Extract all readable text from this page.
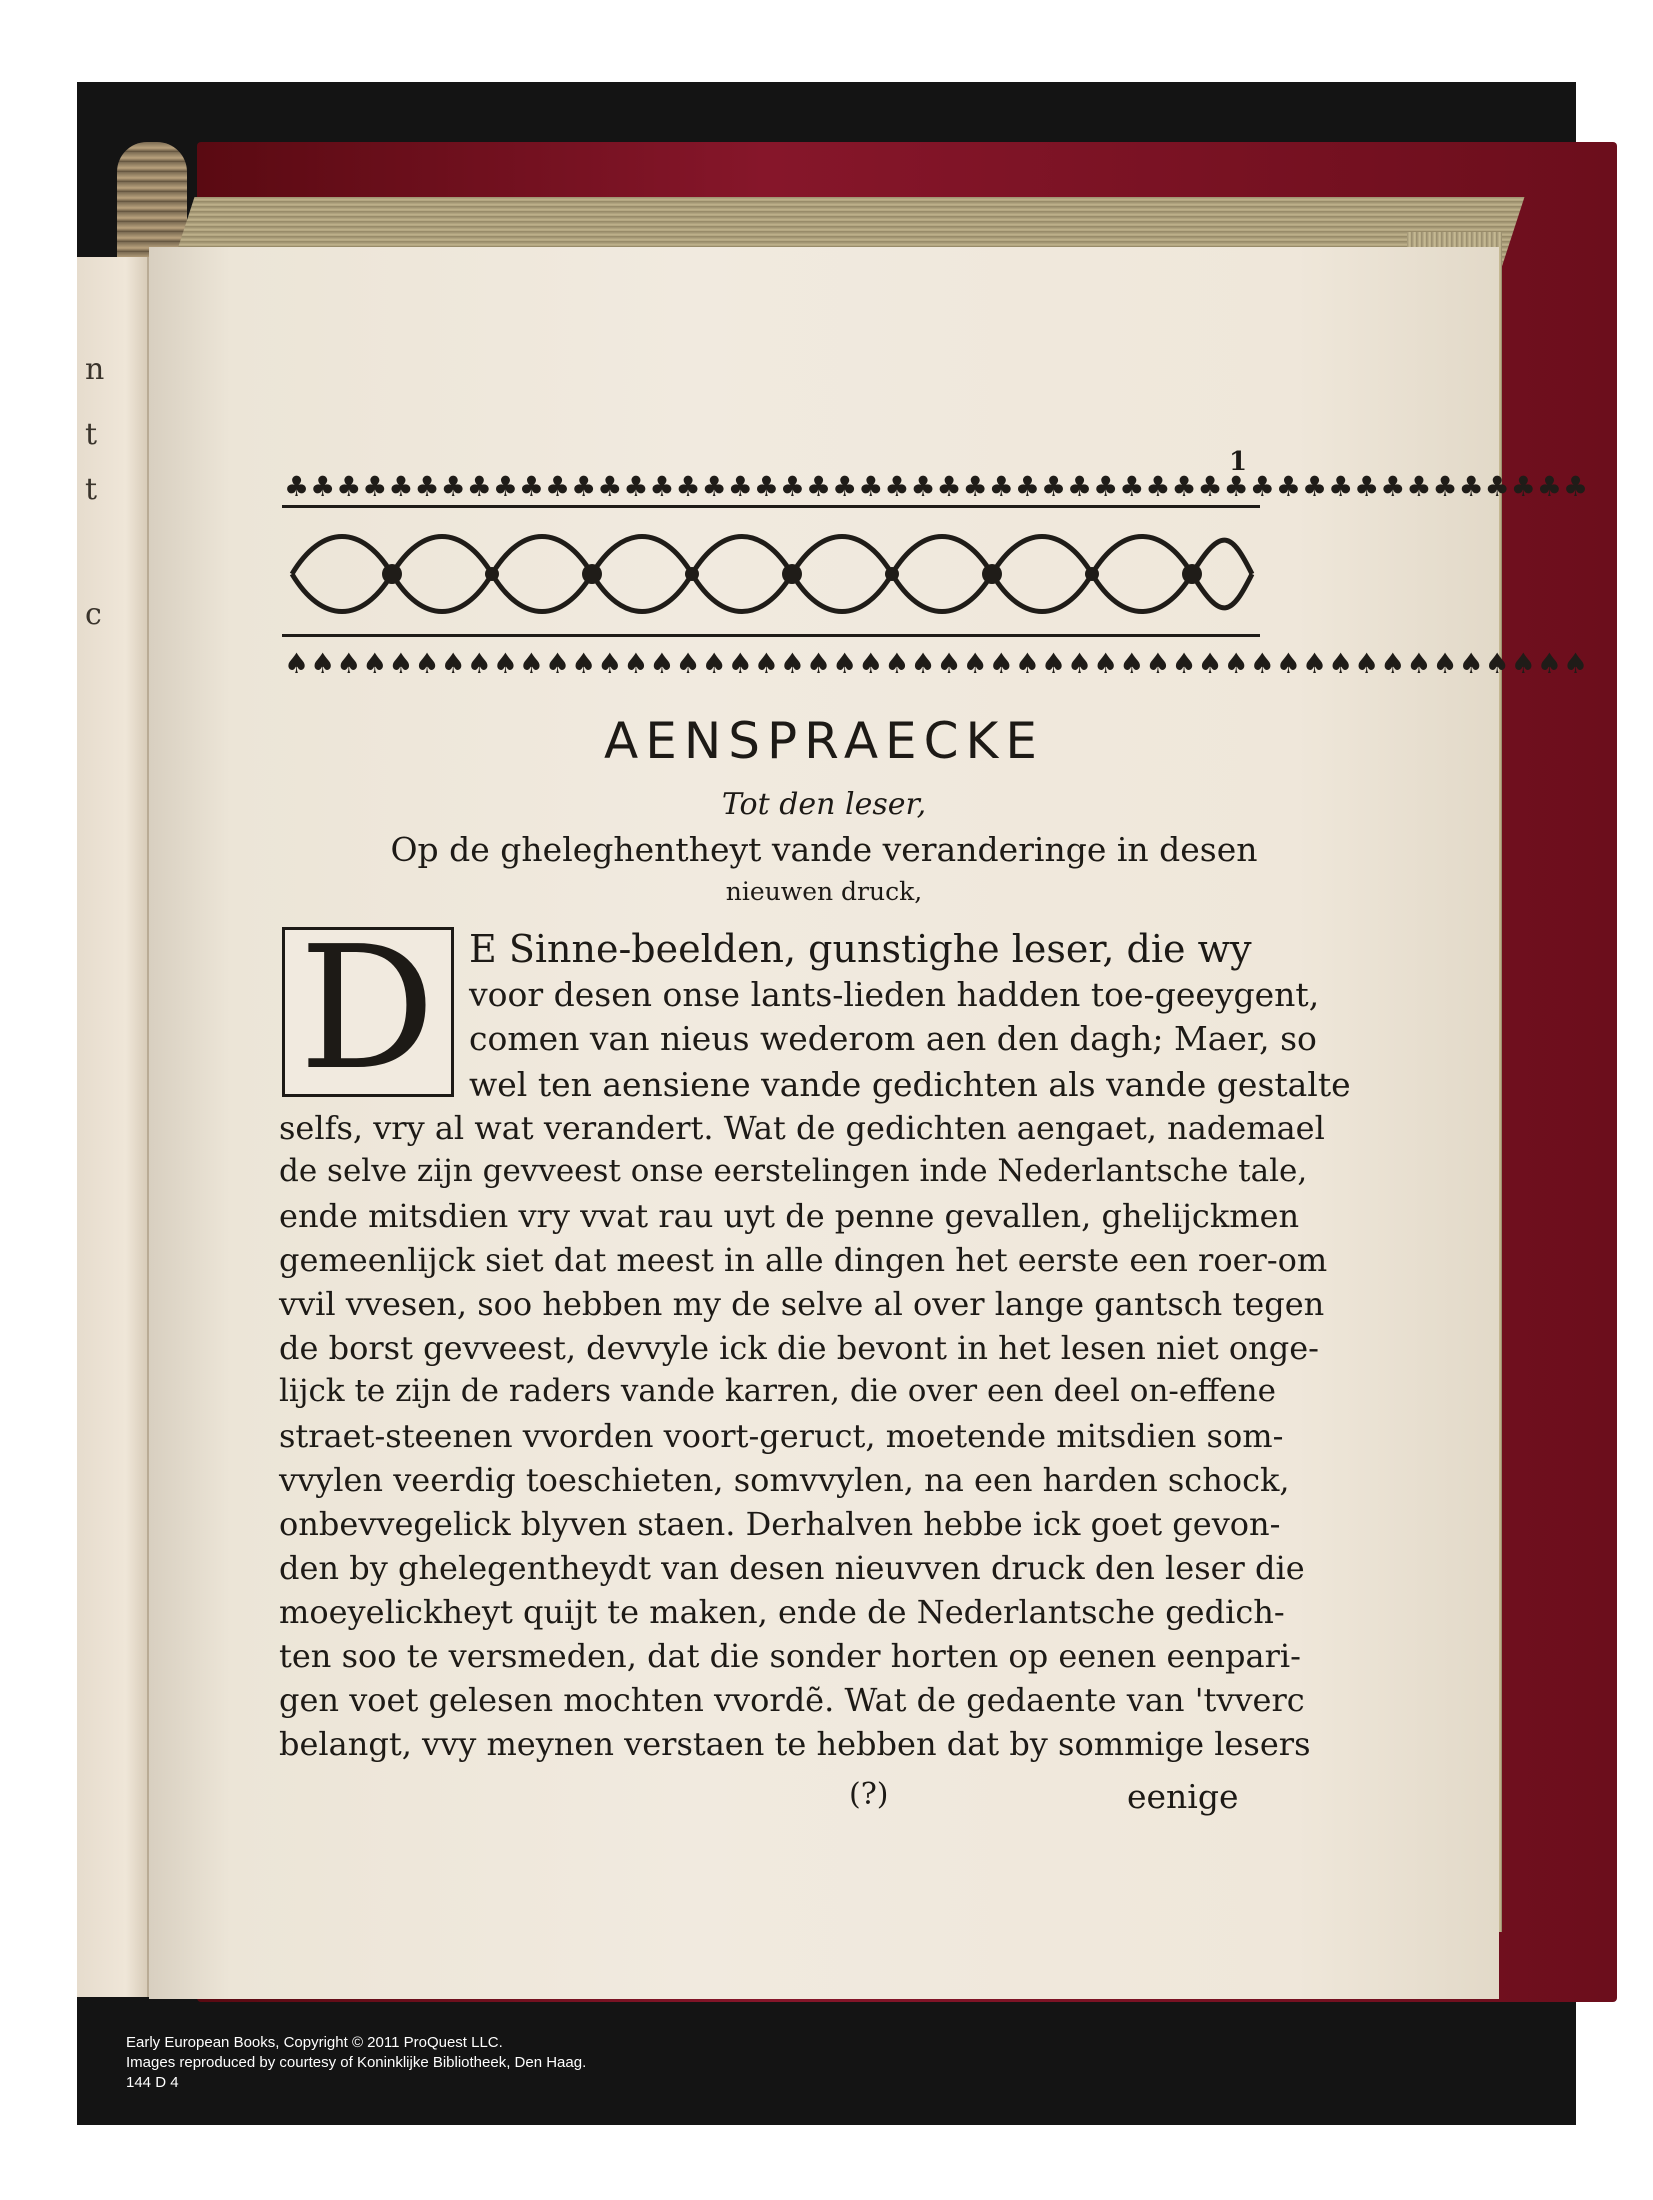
n
t
t
c
1
♣♣♣♣♣♣♣♣♣♣♣♣♣♣♣♣♣♣♣♣♣♣♣♣♣♣♣♣♣♣♣♣♣♣♣♣♣♣♣♣♣♣♣♣♣♣♣♣♣♣
♠♠♠♠♠♠♠♠♠♠♠♠♠♠♠♠♠♠♠♠♠♠♠♠♠♠♠♠♠♠♠♠♠♠♠♠♠♠♠♠♠♠♠♠♠♠♠♠♠♠
AENSPRAECKE
Tot den leser,
Op de gheleghentheyt vande veranderinge in desen
nieuwen druck,
D E Sinne-beelden, gunstighe leser, die wy
voor desen onse lants-lieden hadden toe-geeygent,
comen van nieus wederom aen den dagh; Maer, so
wel ten aensiene vande gedichten als vande gestalte
selfs, vry al wat verandert. Wat de gedichten aengaet, nademael
de selve zijn gevveest onse eerstelingen inde Nederlantsche tale,
ende mitsdien vry vvat rau uyt de penne gevallen, ghelijckmen
gemeenlijck siet dat meest in alle dingen het eerste een roer-om
vvil vvesen, soo hebben my de selve al over lange gantsch tegen
de borst gevveest, devvyle ick die bevont in het lesen niet onge-
lijck te zijn de raders vande karren, die over een deel on-effene
straet-steenen vvorden voort-geruct, moetende mitsdien som-
vvylen veerdig toeschieten, somvvylen, na een harden schock,
onbevvegelick blyven staen. Derhalven hebbe ick goet gevon-
den by ghelegentheydt van desen nieuvven druck den leser die
moeyelickheyt quijt te maken, ende de Nederlantsche gedich-
ten soo te versmeden, dat die sonder horten op eenen eenpari-
gen voet gelesen mochten vvordẽ. Wat de gedaente van 'tvverc
belangt, vvy meynen verstaen te hebben dat by sommige lesers
(?)	eenige
Early European Books, Copyright © 2011 ProQuest LLC.
Images reproduced by courtesy of Koninklijke Bibliotheek, Den Haag.
144 D 4
